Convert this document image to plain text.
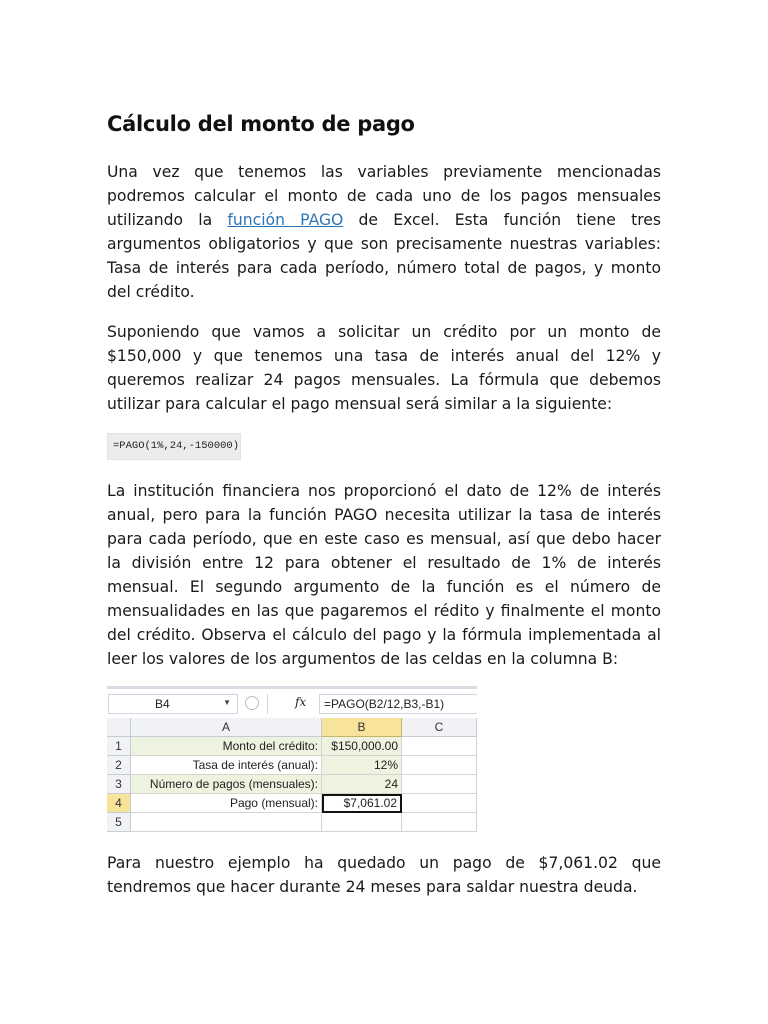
Cálculo del monto de pago

Una vez que tenemos las variables previamente mencionadas podremos calcular el monto de cada uno de los pagos mensuales utilizando la función PAGO de Excel. Esta función tiene tres argumentos obligatorios y que son precisamente nuestras variables: Tasa de interés para cada período, número total de pagos, y monto del crédito.

Suponiendo que vamos a solicitar un crédito por un monto de $150,000 y que tenemos una tasa de interés anual del 12% y queremos realizar 24 pagos mensuales. La fórmula que debemos utilizar para calcular el pago mensual será similar a la siguiente:

=PAGO(1%,24,-150000)

La institución financiera nos proporcionó el dato de 12% de interés anual, pero para la función PAGO necesita utilizar la tasa de interés para cada período, que en este caso es mensual, así que debo hacer la división entre 12 para obtener el resultado de 1% de interés mensual. El segundo argumento de la función es el número de mensualidades en las que pagaremos el rédito y finalmente el monto del crédito. Observa el cálculo del pago y la fórmula implementada al leer los valores de los argumentos de las celdas en la columna B:

B4	▼	fx =PAGO(B2/12,B3,-B1)
A	B	C
1	Monto del crédito:	$150,000.00
2	Tasa de interés (anual):	12%
3	Número de pagos (mensuales):	24
4	Pago (mensual):	$7,061.02
5

Para nuestro ejemplo ha quedado un pago de $7,061.02 que tendremos que hacer durante 24 meses para saldar nuestra deuda.
